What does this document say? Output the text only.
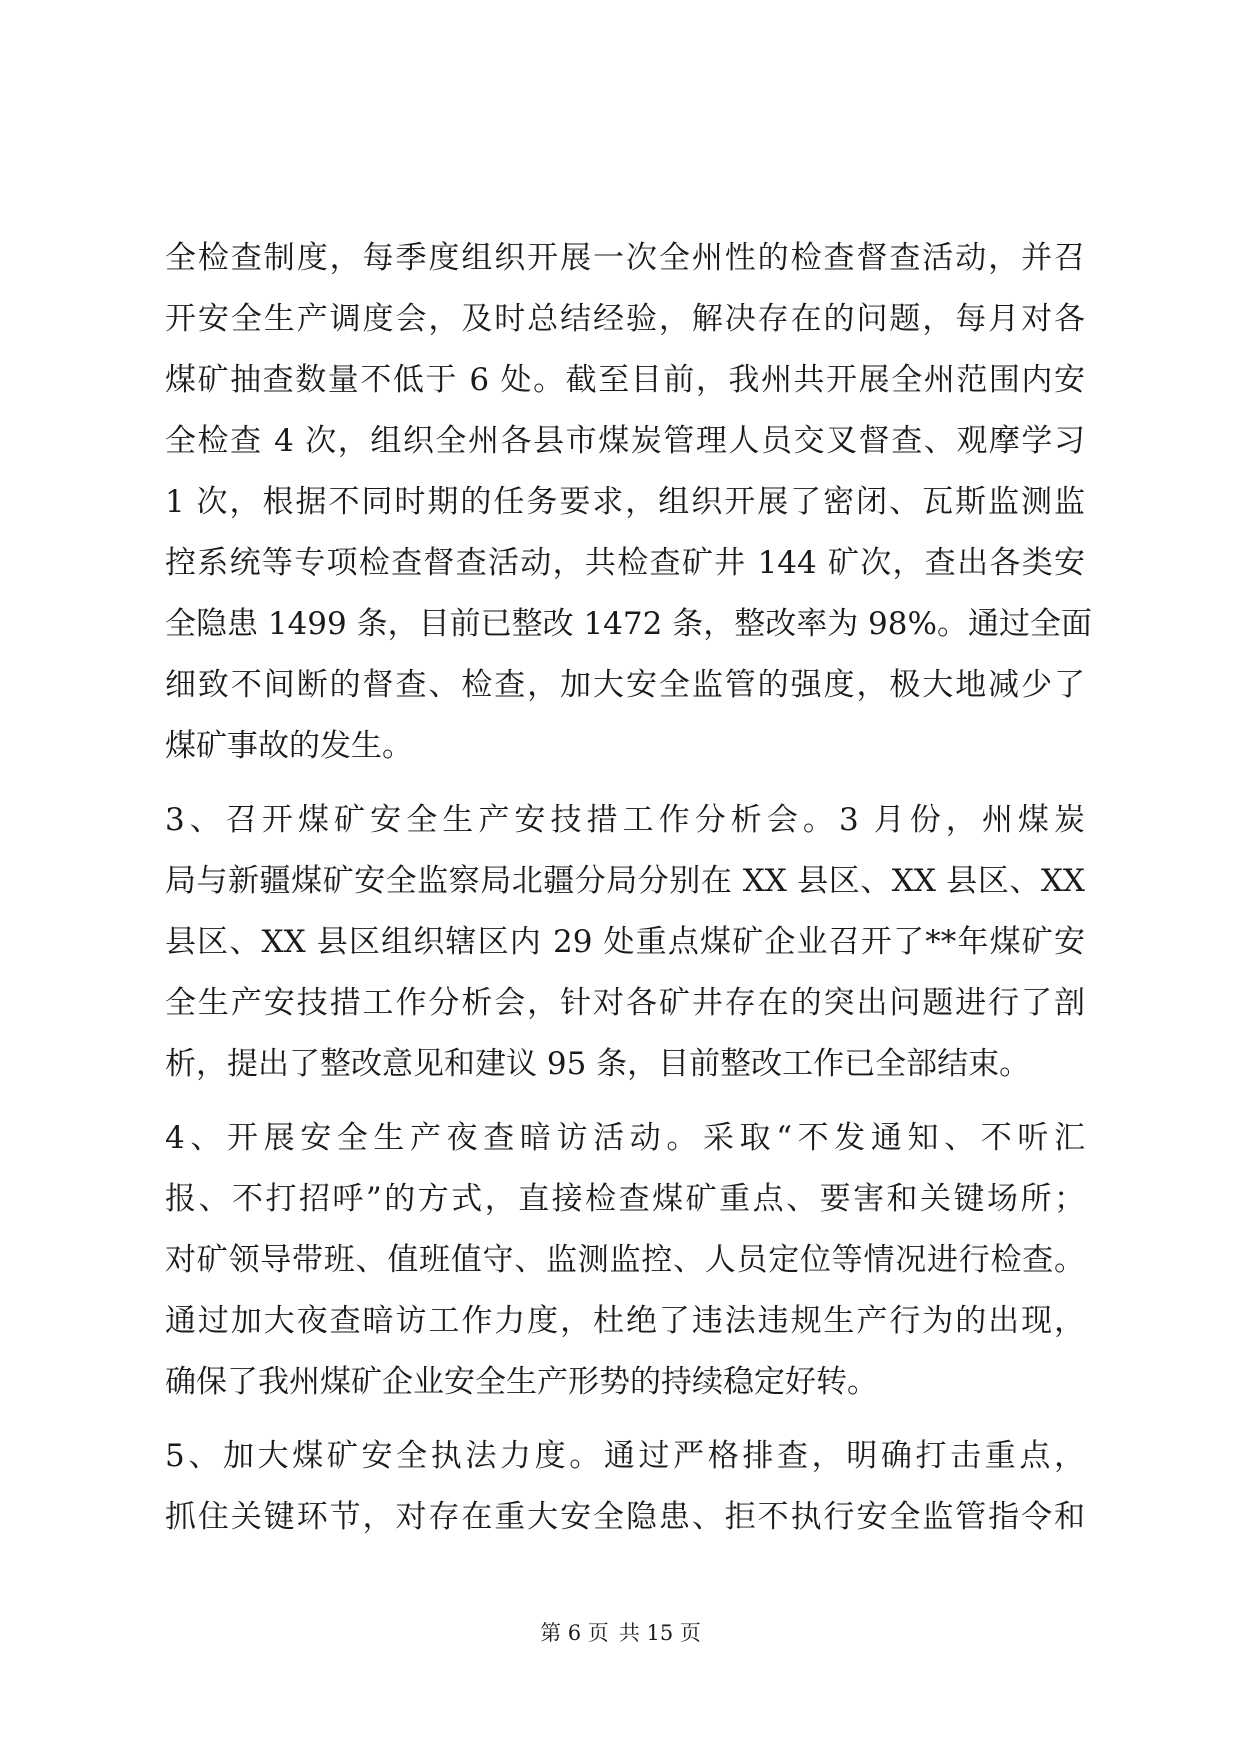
全检查制度，每季度组织开展一次全州性的检查督查活动，并召
开安全生产调度会，及时总结经验，解决存在的问题，每月对各
煤矿抽查数量不低于 6 处。截至目前，我州共开展全州范围内安
全检查 4 次，组织全州各县市煤炭管理人员交叉督查、观摩学习
1 次，根据不同时期的任务要求，组织开展了密闭、瓦斯监测监
控系统等专项检查督查活动，共检查矿井 144 矿次，查出各类安
全隐患 1499 条，目前已整改 1472 条，整改率为 98%。通过全面
细致不间断的督查、检查，加大安全监管的强度，极大地减少了
煤矿事故的发生。
3、召开煤矿安全生产安技措工作分析会。3 月份，州煤炭
局与新疆煤矿安全监察局北疆分局分别在 XX 县区、XX 县区、XX
县区、XX 县区组织辖区内 29 处重点煤矿企业召开了**年煤矿安
全生产安技措工作分析会，针对各矿井存在的突出问题进行了剖
析，提出了整改意见和建议 95 条，目前整改工作已全部结束。
4、开展安全生产夜查暗访活动。采取“不发通知、不听汇
报、不打招呼”的方式，直接检查煤矿重点、要害和关键场所；
对矿领导带班、值班值守、监测监控、人员定位等情况进行检查。
通过加大夜查暗访工作力度，杜绝了违法违规生产行为的出现，
确保了我州煤矿企业安全生产形势的持续稳定好转。
5、加大煤矿安全执法力度。通过严格排查，明确打击重点，
抓住关键环节，对存在重大安全隐患、拒不执行安全监管指令和
第 6 页 共 15 页
